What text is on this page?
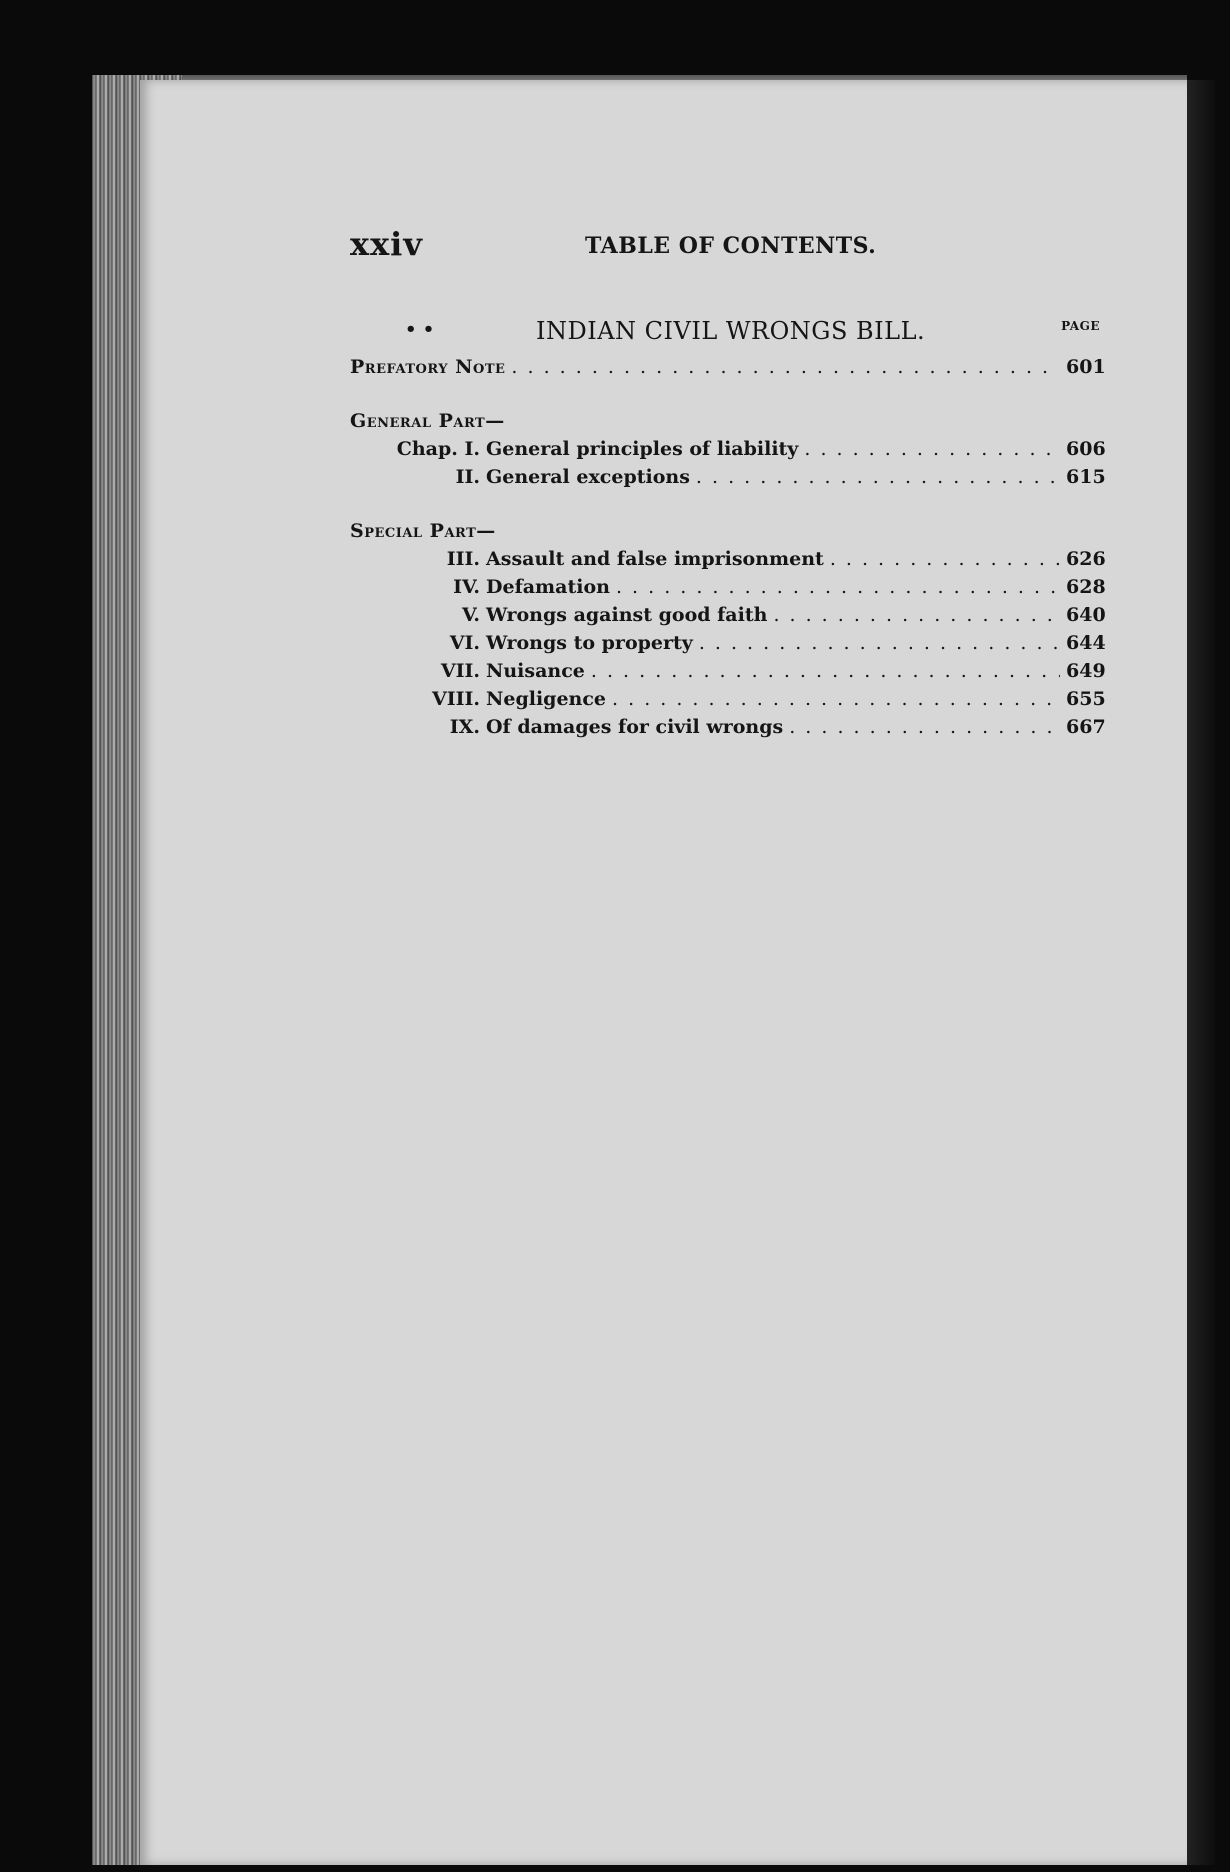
xxiv	TABLE OF CONTENTS.
• •	INDIAN CIVIL WRONGS BILL.	PAGE
Prefatory Note . . .	601
General Part—
Chap. I. General principles of liability . . .	606
II. General exceptions . . .	615
Special Part—
III. Assault and false imprisonment . . .	626
IV. Defamation . . .	628
V. Wrongs against good faith . . .	640
VI. Wrongs to property . . .	644
VII. Nuisance . . .	649
VIII. Negligence . . .	655
IX. Of damages for civil wrongs . . .	667
